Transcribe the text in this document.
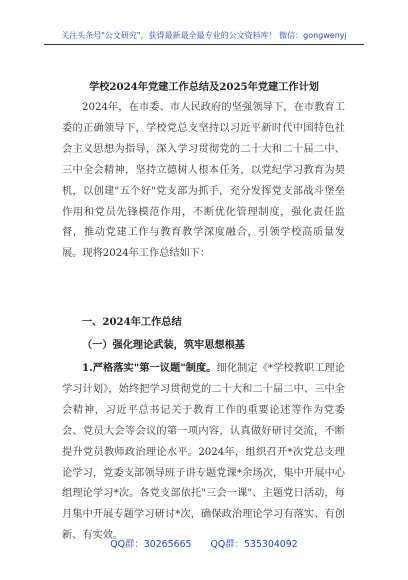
关注头条号"公文研究"，获得最新最全最专业的公文资料库！ 微信：gongwenyj
学校2024年党建工作总结及2025年党建工作计划

2024年，在市委、市人民政府的坚强领导下，在市教育工委的正确领导下，学校党总支坚持以习近平新时代中国特色社会主义思想为指导，深入学习贯彻党的二十大和二十届二中、三中全会精神，坚持立德树人根本任务，以党纪学习教育为契机，以创建"五个好"党支部为抓手，充分发挥党支部战斗堡垒作用和党员先锋模范作用，不断优化管理制度，强化责任监督，推动党建工作与教育教学深度融合，引领学校高质量发展。现将2024年工作总结如下：

一、2024年工作总结
（一）强化理论武装，筑牢思想根基

1.严格落实"第一议题"制度。细化制定《*学校教职工理论学习计划》，始终把学习贯彻党的二十大和二十届二中、三中全会精神，习近平总书记关于教育工作的重要论述等作为党委会、党员大会等会议的第一项内容，认真做好研讨交流，不断提升党员教师政治理论水平。2024年，组织召开*次党总支理论学习，党委支部领导班子讲专题党课*余场次，集中开展中心组理论学习*次。各党支部依托"三会一课"、主题党日活动，每月集中开展专题学习研讨*次，确保政治理论学习有落实、有创新、有实效。

QQ群：30265665 QQ群：535304092
